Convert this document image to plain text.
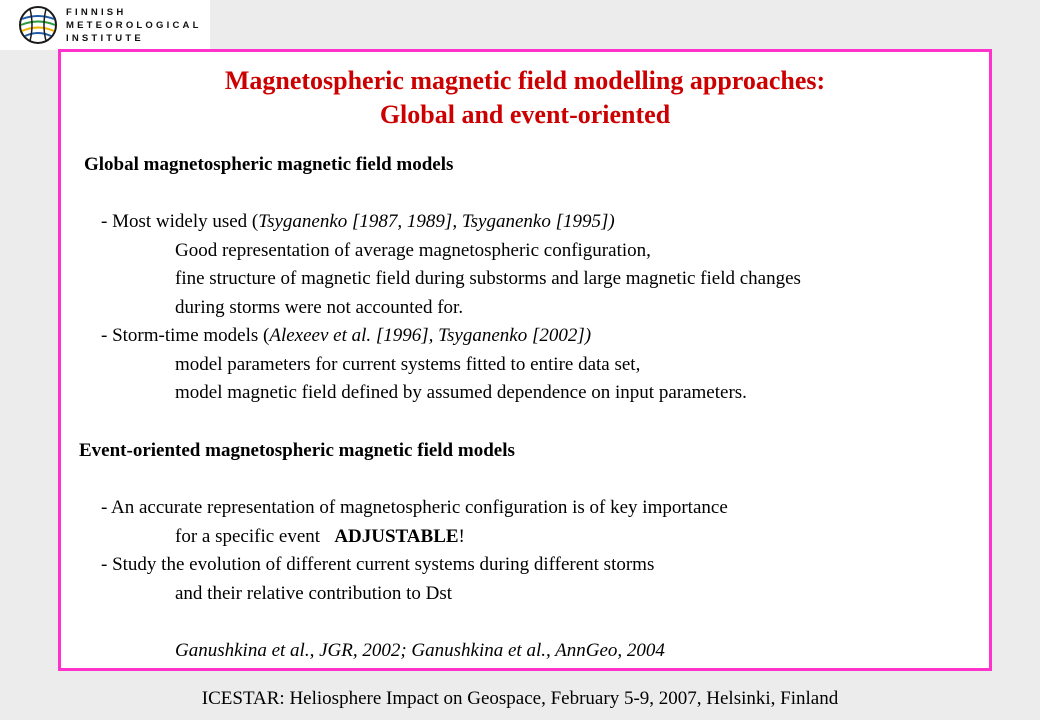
FINNISH
METEOROLOGICAL
INSTITUTE
Magnetospheric magnetic field modelling approaches:
Global and event-oriented
Global magnetospheric magnetic field models
- Most widely used (Tsyganenko [1987, 1989], Tsyganenko [1995])
Good representation of average magnetospheric configuration,
fine structure of magnetic field during substorms and large magnetic field changes
during storms were not accounted for.
- Storm-time models (Alexeev et al. [1996], Tsyganenko [2002])
model parameters for current systems fitted to entire data set,
model magnetic field defined by assumed dependence on input parameters.
Event-oriented magnetospheric magnetic field models
- An accurate representation of magnetospheric configuration is of key importance
for a specific event   ADJUSTABLE!
- Study the evolution of different current systems during different storms
and their relative contribution to Dst
Ganushkina et al., JGR, 2002; Ganushkina et al., AnnGeo, 2004
ICESTAR: Heliosphere Impact on Geospace, February 5-9, 2007, Helsinki, Finland
